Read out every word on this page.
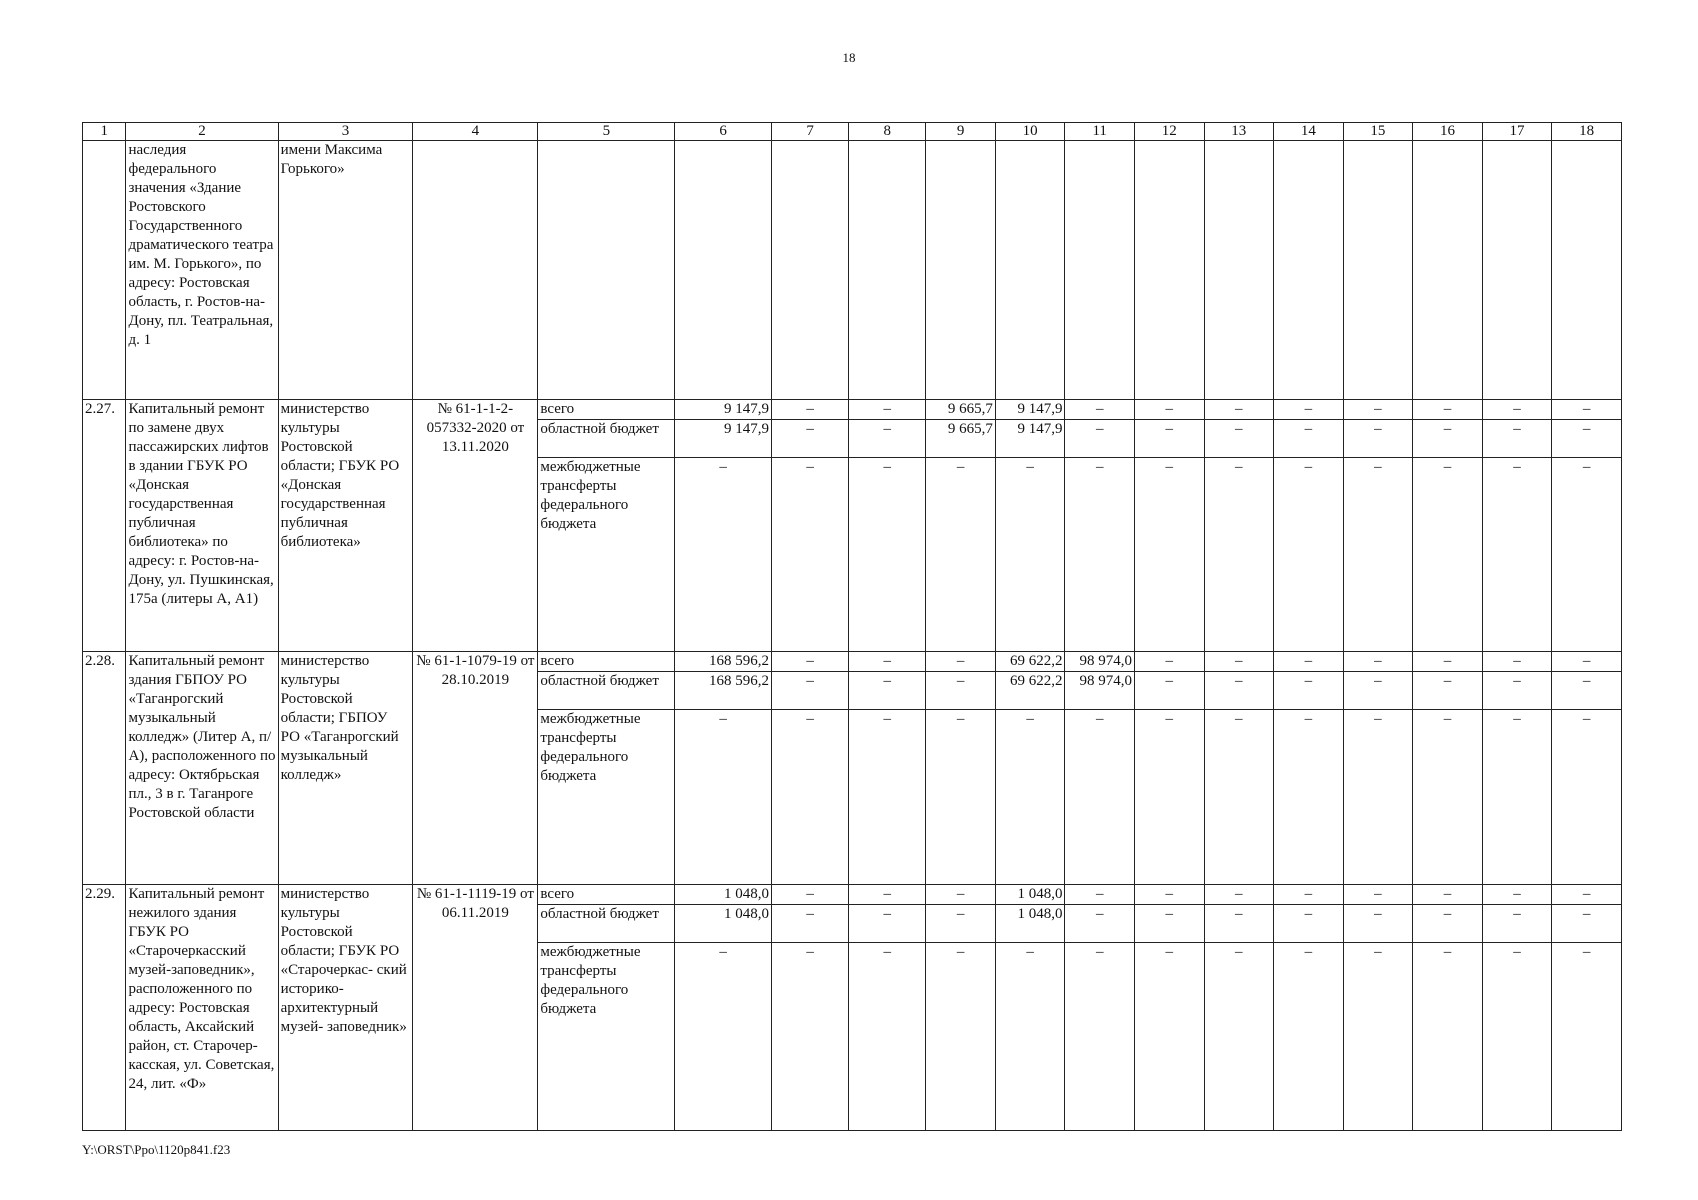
18
1	2	3	4	5	6	7	8	9	10	11	12	13	14	15	16	17	18
	наследия федерального значения «Здание Ростовского Государственного драматического театра им. М. Горького», по адресу: Ростовская область, г. Ростов-на-Дону, пл. Театральная, д. 1	имени Максима Горького»															
2.27.	Капитальный ремонт по замене двух пассажирских лифтов в здании ГБУК РО «Донская государственная публичная библиотека» по адресу: г. Ростов-на-Дону, ул. Пушкинская, 175а (литеры А, А1)	министерство культуры Ростовской области; ГБУК РО «Донская государственная публичная библиотека»	№ 61-1-1-2- 057332-2020 от 13.11.2020	всего	9 147,9	–	–	9 665,7	9 147,9	–	–	–	–	–	–	–	–
				областной бюджет	9 147,9	–	–	9 665,7	9 147,9	–	–	–	–	–	–	–	–
				межбюджетные трансферты федерального бюджета	–	–	–	–	–	–	–	–	–	–	–	–	–
2.28.	Капитальный ремонт здания ГБПОУ РО «Таганрогский музыкальный колледж» (Литер А, п/А), расположенного по адресу: Октябрьская пл., 3 в г. Таганроге Ростовской области	министерство культуры Ростовской области; ГБПОУ РО «Таганрогский музыкальный колледж»	№ 61-1-1079-19 от 28.10.2019	всего	168 596,2	–	–	–	69 622,2	98 974,0	–	–	–	–	–	–	–
				областной бюджет	168 596,2	–	–	–	69 622,2	98 974,0	–	–	–	–	–	–	–
				межбюджетные трансферты федерального бюджета	–	–	–	–	–	–	–	–	–	–	–	–	–
2.29.	Капитальный ремонт нежилого здания ГБУК РО «Старочеркасский музей-заповедник», расположенного по адресу: Ростовская область, Аксайский район, ст. Старочер- касская, ул. Советская, 24, лит. «Ф»	министерство культуры Ростовской области; ГБУК РО «Старочеркас- ский историко- архитектурный музей- заповедник»	№ 61-1-1119-19 от 06.11.2019	всего	1 048,0	–	–	–	1 048,0	–	–	–	–	–	–	–	–
				областной бюджет	1 048,0	–	–	–	1 048,0	–	–	–	–	–	–	–	–
				межбюджетные трансферты федерального бюджета	–	–	–	–	–	–	–	–	–	–	–	–	–
Y:\ORST\Ppo\1120p841.f23
